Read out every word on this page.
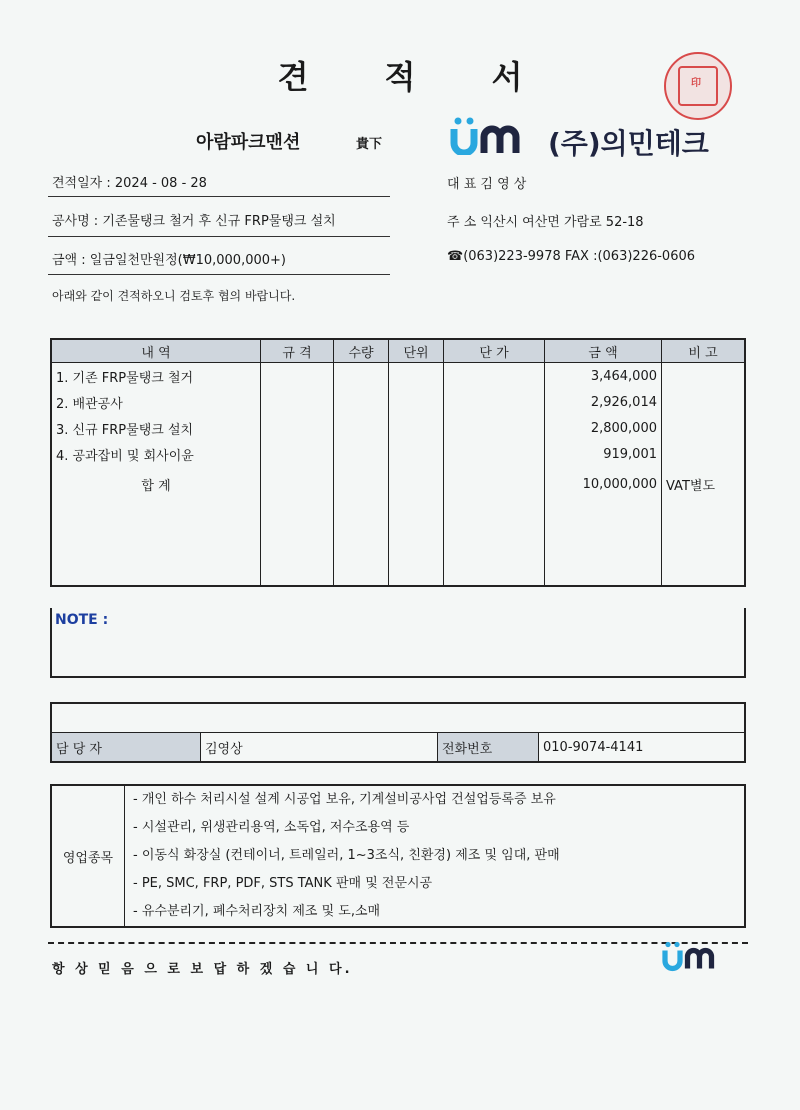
견 적 서	印
아람파크맨션	貴下	(주)의민테크
견적일자 : 2024 - 08 - 28
공사명 : 기존물탱크 철거 후 신규 FRP물탱크 설치
금액 : 일금일천만원정(₩10,000,000+)
아래와 같이 견적하오니 검토후 협의 바랍니다.
대 표 김 영 상
주 소 익산시 여산면 가람로 52-18
☎(063)223-9978 FAX :(063)226-0606
내 역	규 격	수량	단위	단 가	금 액	비 고
1. 기존 FRP물탱크 철거					3,464,000	
2. 배관공사					2,926,014	
3. 신규 FRP물탱크 설치					2,800,000	
4. 공과잡비 및 회사이윤					919,001	
합 계					10,000,000	VAT별도

NOTE :

담 당 자	김영상	전화번호	010-9074-4141
영업종목	
- 개인 하수 처리시설 설계 시공업 보유, 기계설비공사업 건설업등록증 보유
- 시설관리, 위생관리용역, 소독업, 저수조용역 등
- 이동식 화장실 (컨테이너, 트레일러, 1~3조식, 친환경) 제조 및 임대, 판매
- PE, SMC, FRP, PDF, STS TANK 판매 및 전문시공
- 유수분리기, 폐수처리장치 제조 및 도,소매
항 상 믿 음 으 로 보 답 하 겠 습 니 다.
